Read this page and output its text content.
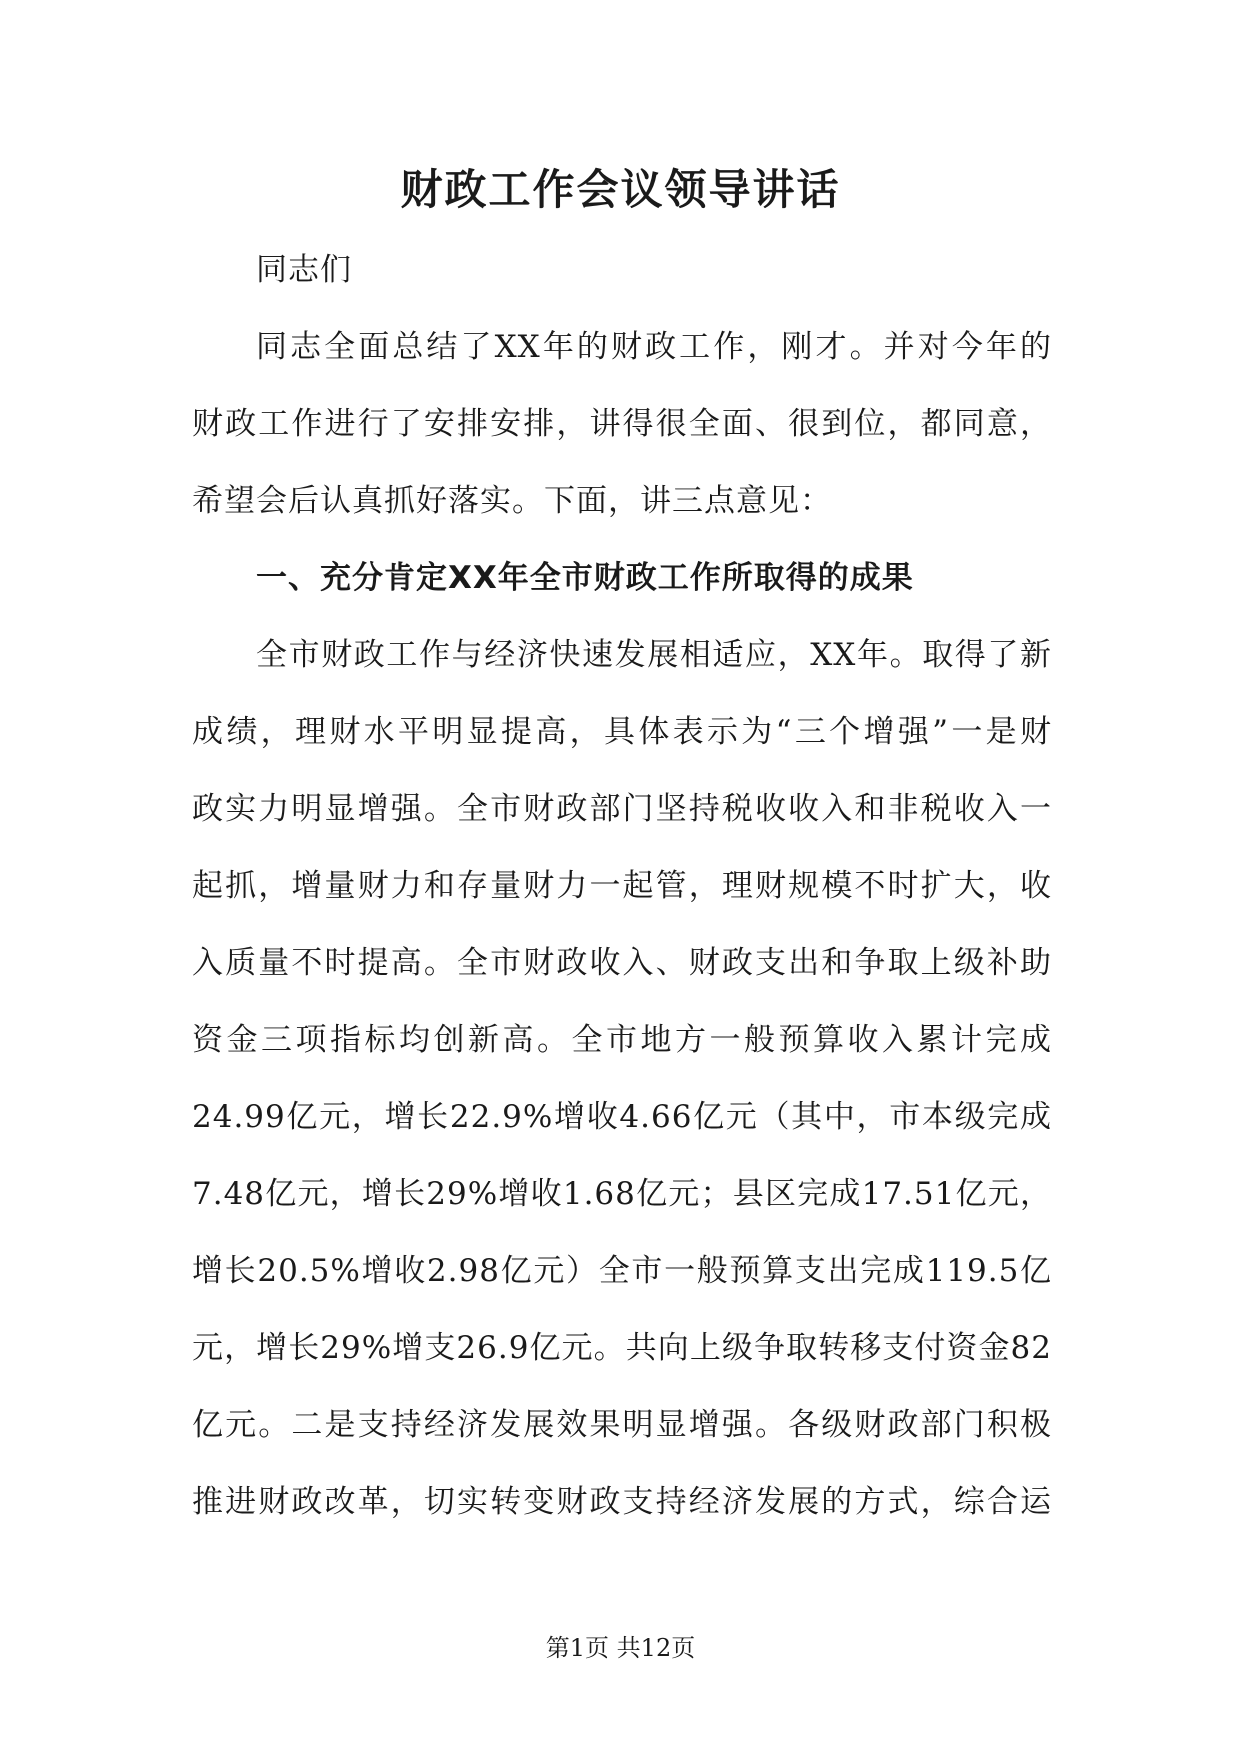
财政工作会议领导讲话
同志们
同志全面总结了XX年的财政工作，刚才。并对今年的
财政工作进行了安排安排，讲得很全面、很到位，都同意，
希望会后认真抓好落实。下面，讲三点意见：
一、充分肯定XX年全市财政工作所取得的成果
全市财政工作与经济快速发展相适应，XX年。取得了新
成绩，理财水平明显提高，具体表示为“三个增强”一是财
政实力明显增强。全市财政部门坚持税收收入和非税收入一
起抓，增量财力和存量财力一起管，理财规模不时扩大，收
入质量不时提高。全市财政收入、财政支出和争取上级补助
资金三项指标均创新高。全市地方一般预算收入累计完成
24.99亿元，增长22.9%增收4.66亿元（其中，市本级完成
7.48亿元，增长29%增收1.68亿元；县区完成17.51亿元，
增长20.5%增收2.98亿元）全市一般预算支出完成119.5亿
元，增长29%增支26.9亿元。共向上级争取转移支付资金82
亿元。二是支持经济发展效果明显增强。各级财政部门积极
推进财政改革，切实转变财政支持经济发展的方式，综合运
第1页 共12页
